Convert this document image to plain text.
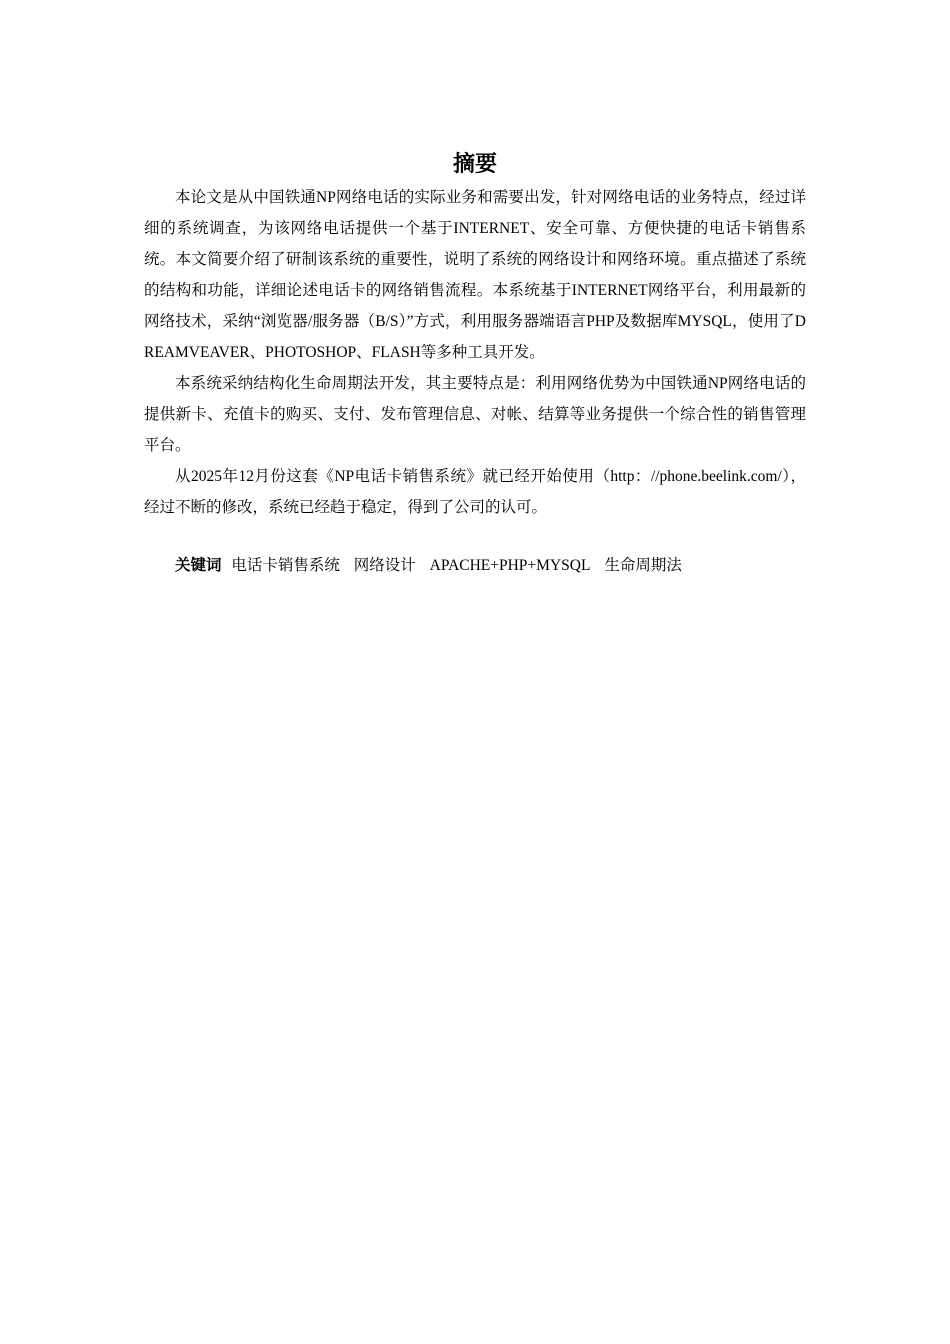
摘要

本论文是从中国铁通NP网络电话的实际业务和需要出发，针对网络电话的业务特点，经过详细的系统调查，为该网络电话提供一个基于INTERNET、安全可靠、方便快捷的电话卡销售系统。本文简要介绍了研制该系统的重要性，说明了系统的网络设计和网络环境。重点描述了系统的结构和功能，详细论述电话卡的网络销售流程。本系统基于INTERNET网络平台，利用最新的网络技术，采纳“浏览器/服务器（B/S）”方式，利用服务器端语言PHP及数据库MYSQL，使用了DREAMVEAVER、PHOTOSHOP、FLASH等多种工具开发。

本系统采纳结构化生命周期法开发，其主要特点是：利用网络优势为中国铁通NP网络电话的提供新卡、充值卡的购买、支付、发布管理信息、对帐、结算等业务提供一个综合性的销售管理平台。

从2025年12月份这套《NP电话卡销售系统》就已经开始使用（http：//phone.beelink.com/），经过不断的修改，系统已经趋于稳定，得到了公司的认可。

关键词 电话卡销售系统 网络设计 APACHE+PHP+MYSQL 生命周期法
